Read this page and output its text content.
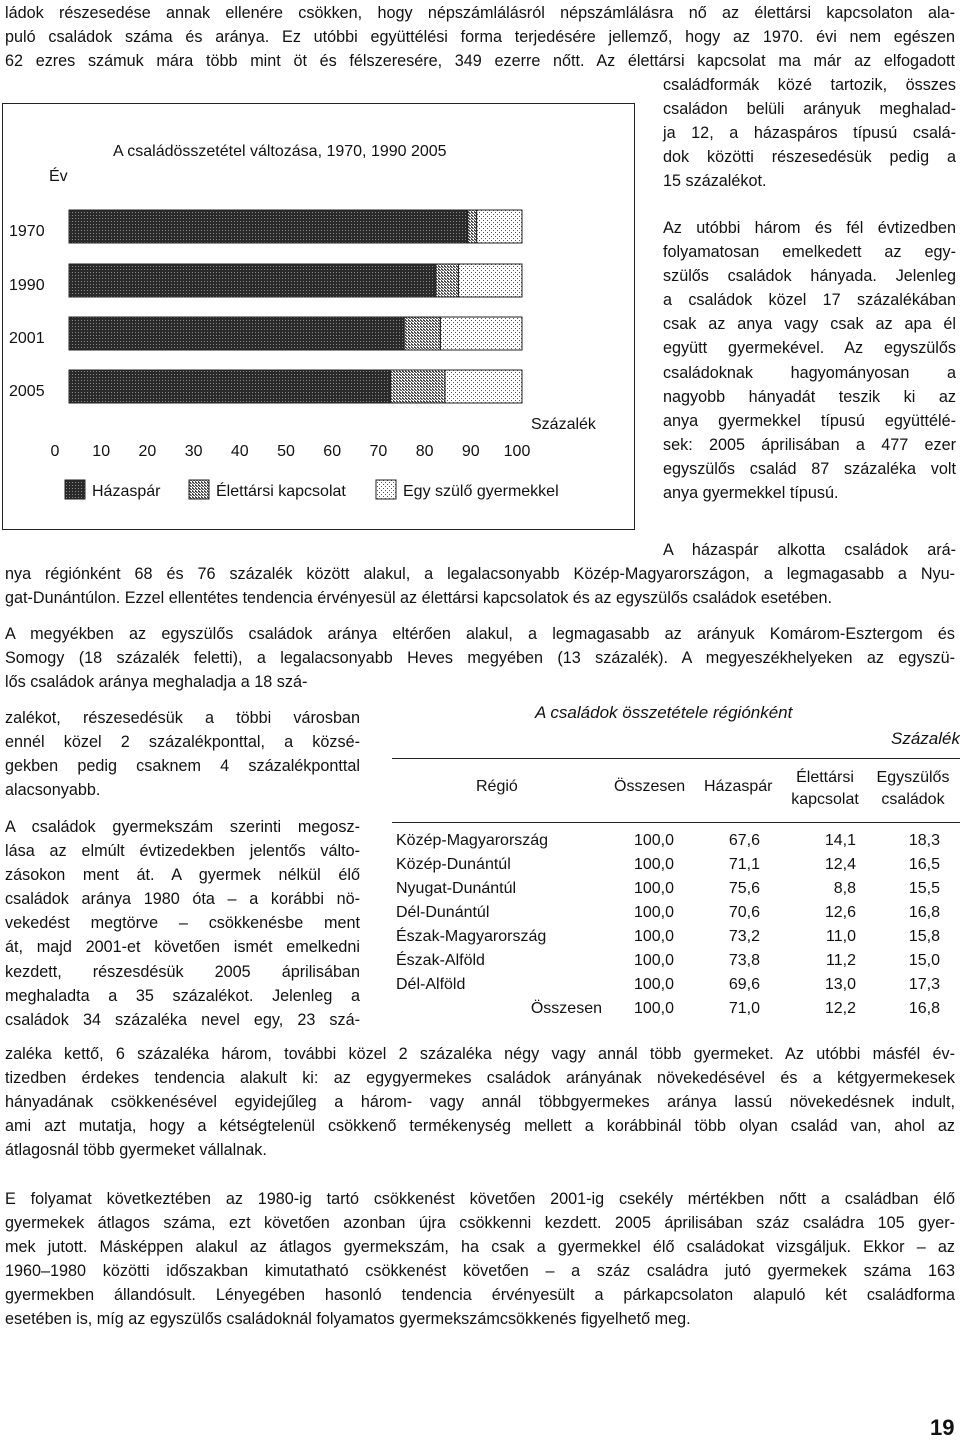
ládok részesedése annak ellenére csökken, hogy népszámlálásról népszámlálásra nő az élettársi kapcsolaton ala-
puló családok száma és aránya. Ez utóbbi együttélési forma terjedésére jellemző, hogy az 1970. évi nem egészen
62 ezres számuk mára több mint öt és félszeresére, 349 ezerre nőtt. Az élettársi kapcsolat ma már az elfogadott
családformák közé tartozik, összes
családon belüli arányuk meghalad-
ja 12, a házaspáros típusú csalá-
dok közötti részesedésük pedig a
15 százalékot.
Az utóbbi három és fél évtizedben
folyamatosan emelkedett az egy-
szülős családok hányada. Jelenleg
a családok közel 17 százalékában
csak az anya vagy csak az apa él
együtt gyermekével. Az egyszülős
családoknak hagyományosan a
nagyobb hányadát teszik ki az
anya gyermekkel típusú együttélé-
sek: 2005 áprilisában a 477 ezer
egyszülős család 87 százaléka volt
anya gyermekkel típusú.
A házaspár alkotta családok ará-
A családösszetétel változása, 1970, 1990 2005
Év
Százalék
1970
1990
2001
2005
0 10 20 30 40 50 60 70 80 90 100
Házaspár	Élettársi kapcsolat	Egy szülő gyermekkel
nya régiónként 68 és 76 százalék között alakul, a legalacsonyabb Közép-Magyarországon, a legmagasabb a Nyu-
gat-Dunántúlon. Ezzel ellentétes tendencia érvényesül az élettársi kapcsolatok és az egyszülős családok esetében.
A megyékben az egyszülős családok aránya eltérően alakul, a legmagasabb az arányuk Komárom-Esztergom és
Somogy (18 százalék feletti), a legalacsonyabb Heves megyében (13 százalék). A megyeszékhelyeken az egyszü-
lős családok aránya meghaladja a 18 szá-
zalékot, részesedésük a többi városban
ennél közel 2 százalékponttal, a közsé-
gekben pedig csaknem 4 százalékponttal
alacsonyabb.
A családok gyermekszám szerinti megosz-
lása az elmúlt évtizedekben jelentős válto-
zásokon ment át. A gyermek nélkül élő
családok aránya 1980 óta – a korábbi nö-
vekedést megtörve – csökkenésbe ment
át, majd 2001-et követően ismét emelkedni
kezdett, részesdésük 2005 áprilisában
meghaladta a 35 százalékot. Jelenleg a
családok 34 százaléka nevel egy, 23 szá-
A családok összetétele régiónként
Százalék
Régió	Összesen Házaspár
Élettársi
kapcsolat
Egyszülős
családok
Közép-Magyarország	100,0	67,6	14,1	18,3
Közép-Dunántúl	100,0	71,1	12,4	16,5
Nyugat-Dunántúl	100,0	75,6	8,8	15,5
Dél-Dunántúl	100,0	70,6	12,6	16,8
Észak-Magyarország	100,0	73,2	11,0	15,8
Észak-Alföld	100,0	73,8	11,2	15,0
Dél-Alföld	100,0	69,6	13,0	17,3
Összesen	100,0	71,0	12,2	16,8
19
zaléka kettő, 6 százaléka három, további közel 2 százaléka négy vagy annál több gyermeket. Az utóbbi másfél év-
tizedben érdekes tendencia alakult ki: az egygyermekes családok arányának növekedésével és a kétgyermekesek
hányadának csökkenésével egyidejűleg a három- vagy annál többgyermekes aránya lassú növekedésnek indult,
ami azt mutatja, hogy a kétségtelenül csökkenő termékenység mellett a korábbinál több olyan család van, ahol az
átlagosnál több gyermeket vállalnak.
E folyamat következtében az 1980-ig tartó csökkenést követően 2001-ig csekély mértékben nőtt a családban élő
gyermekek átlagos száma, ezt követően azonban újra csökkenni kezdett. 2005 áprilisában száz családra 105 gyer-
mek jutott. Másképpen alakul az átlagos gyermekszám, ha csak a gyermekkel élő családokat vizsgáljuk. Ekkor – az
1960–1980 közötti időszakban kimutatható csökkenést követően – a száz családra jutó gyermekek száma 163
gyermekben állandósult. Lényegében hasonló tendencia érvényesült a párkapcsolaton alapuló két családforma
esetében is, míg az egyszülős családoknál folyamatos gyermekszámcsökkenés figyelhető meg.
